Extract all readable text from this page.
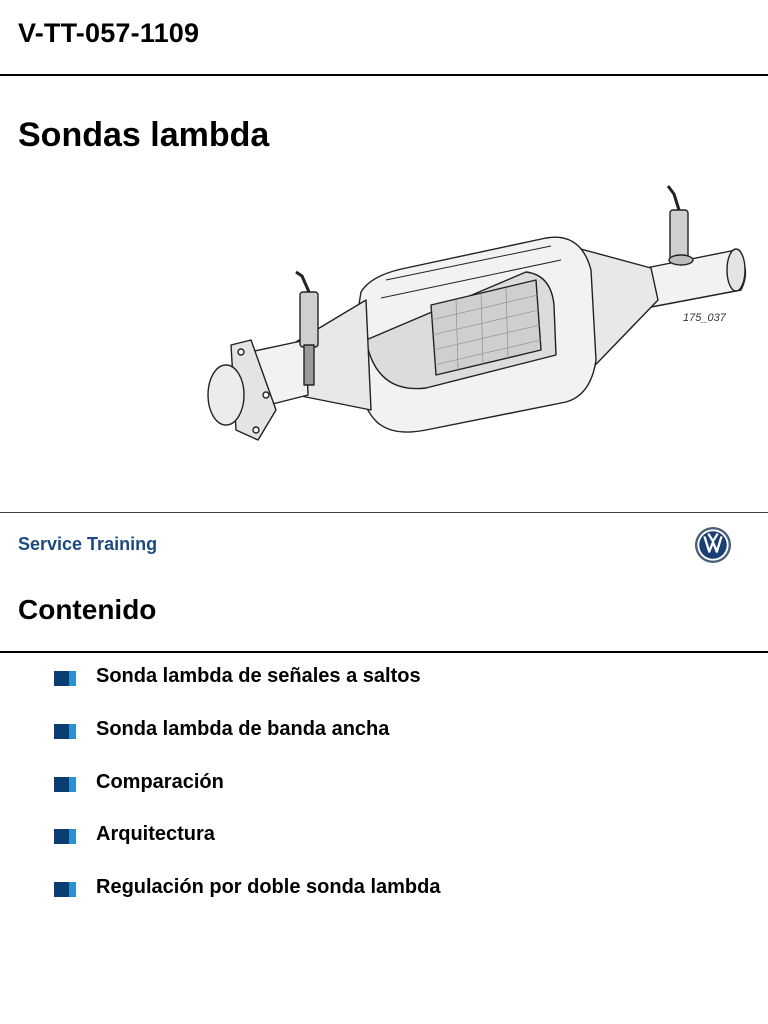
V-TT-057-1109
Sondas lambda
175_037
Service Training
Contenido
Sonda lambda de señales a saltos
Sonda lambda de banda ancha
Comparación
Arquitectura
Regulación por doble sonda lambda
